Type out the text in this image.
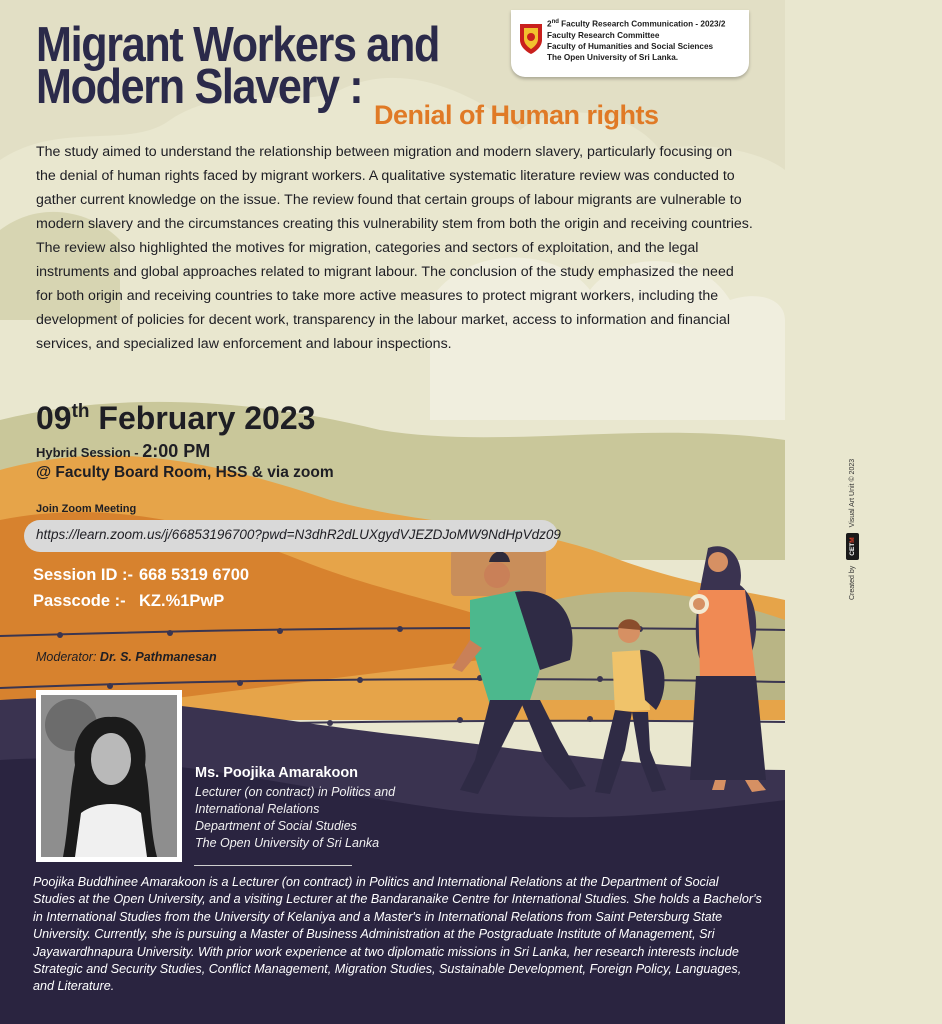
2nd Faculty Research Communication - 2023/2

Faculty Research Committee

Faculty of Humanities and Social Sciences

The Open University of Sri Lanka.

Migrant Workers and
Modern Slavery :
Denial of Human rights

The study aimed to understand the relationship between migration and modern slavery, particularly focusing on the denial of human rights faced by migrant workers. A qualitative systematic literature review was conducted to gather current knowledge on the issue. The review found that certain groups of labour migrants are vulnerable to modern slavery and the circumstances creating this vulnerability stem from both the origin and receiving countries. The review also highlighted the motives for migration, categories and sectors of exploitation, and the legal instruments and global approaches related to migrant labour. The conclusion of the study emphasized the need for both origin and receiving countries to take more active measures to protect migrant workers, including the development of policies for decent work, transparency in the labour market, access to information and financial services, and specialized law enforcement and labour inspections.

09th February 2023
Hybrid Session - 2:00 PM
@ Faculty Board Room, HSS & via zoom
Join Zoom Meeting
https://learn.zoom.us/j/66853196700?pwd=N3dhR2dLUXgydVJEZDJoMW9NdHpVdz09
Session ID :- 668 5319 6700
Passcode :- KZ.%1PwP
Moderator: Dr. S. Pathmanesan
Ms. Poojika Amarakoon
Lecturer (on contract) in Politics and
International Relations
Department of Social Studies
The Open University of Sri Lanka

Poojika Buddhinee Amarakoon is a Lecturer (on contract) in Politics and International Relations at the Department of Social Studies at the Open University, and a visiting Lecturer at the Bandaranaike Centre for International Studies. She holds a Bachelor's in International Studies from the University of Kelaniya and a Master's in International Relations from Saint Petersburg State University. Currently, she is pursuing a Master of Business Administration at the Postgraduate Institute of Management, Sri Jayawardhnapura University. With prior work experience at two diplomatic missions in Sri Lanka, her research interests include Strategic and Security Studies, Conflict Management, Migration Studies, Sustainable Development, Foreign Policy, Languages, and Literature.

Created by
CETM
Visual Art Unit © 2023
